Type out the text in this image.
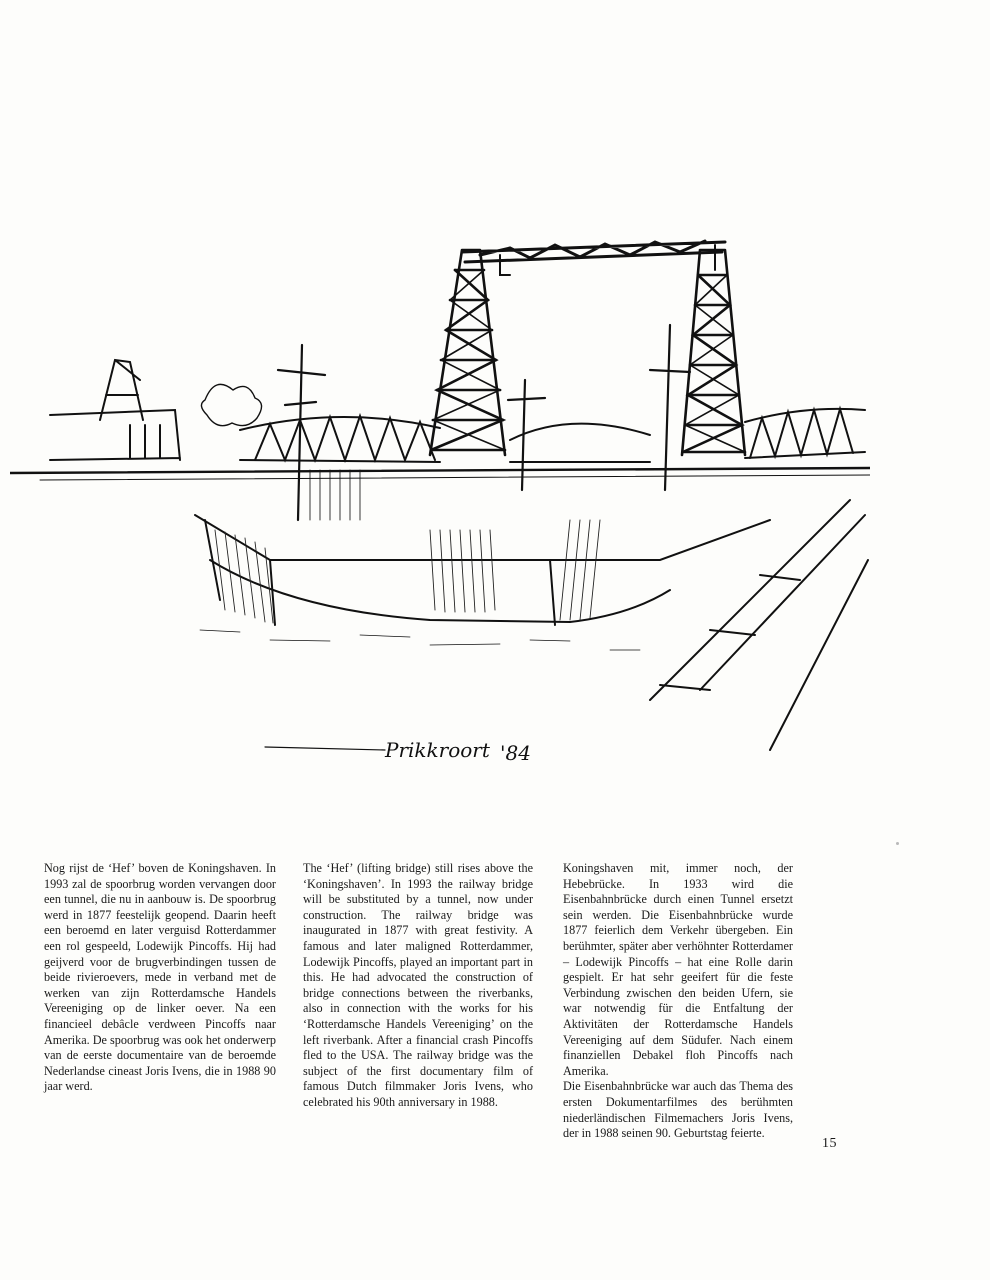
Prikkroort '84
Nog rijst de ‘Hef’ boven de Koningshaven. In 1993 zal de spoorbrug worden vervangen door een tunnel, die nu in aanbouw is. De spoorbrug werd in 1877 feestelijk geopend. Daarin heeft een beroemd en later verguisd Rotterdammer een rol gespeeld, Lodewijk Pincoffs. Hij had geijverd voor de brugverbindingen tussen de beide rivieroevers, mede in verband met de werken van zijn Rotterdamsche Handels Vereeniging op de linker oever. Na een financieel debâcle verdween Pincoffs naar Amerika. De spoorbrug was ook het onderwerp van de eerste documentaire van de beroemde Nederlandse cineast Joris Ivens, die in 1988 90 jaar werd.
The ‘Hef’ (lifting bridge) still rises above the ‘Koningshaven’. In 1993 the railway bridge will be substituted by a tunnel, now under construction. The railway bridge was inaugurated in 1877 with great festivity. A famous and later maligned Rotterdammer, Lodewijk Pincoffs, played an important part in this. He had advocated the construction of bridge connections between the riverbanks, also in connection with the works for his ‘Rotterdamsche Handels Vereeniging’ on the left riverbank. After a financial crash Pincoffs fled to the USA. The railway bridge was the subject of the first documentary film of famous Dutch filmmaker Joris Ivens, who celebrated his 90th anniversary in 1988.
Koningshaven mit, immer noch, der Hebebrücke. In 1933 wird die Eisenbahnbrücke durch einen Tunnel ersetzt sein werden. Die Eisenbahnbrücke wurde 1877 feierlich dem Verkehr übergeben. Ein berühmter, später aber verhöhnter Rotterdamer – Lodewijk Pincoffs – hat eine Rolle darin gespielt. Er hat sehr geeifert für die feste Verbindung zwischen den beiden Ufern, sie war notwendig für die Entfaltung der Aktivitäten der Rotterdamsche Handels Vereeniging auf dem Südufer. Nach einem finanziellen Debakel floh Pincoffs nach Amerika.
Die Eisenbahnbrücke war auch das Thema des ersten Dokumentarfilmes des berühmten niederländischen Filmemachers Joris Ivens, der in 1988 seinen 90. Geburtstag feierte.
15
